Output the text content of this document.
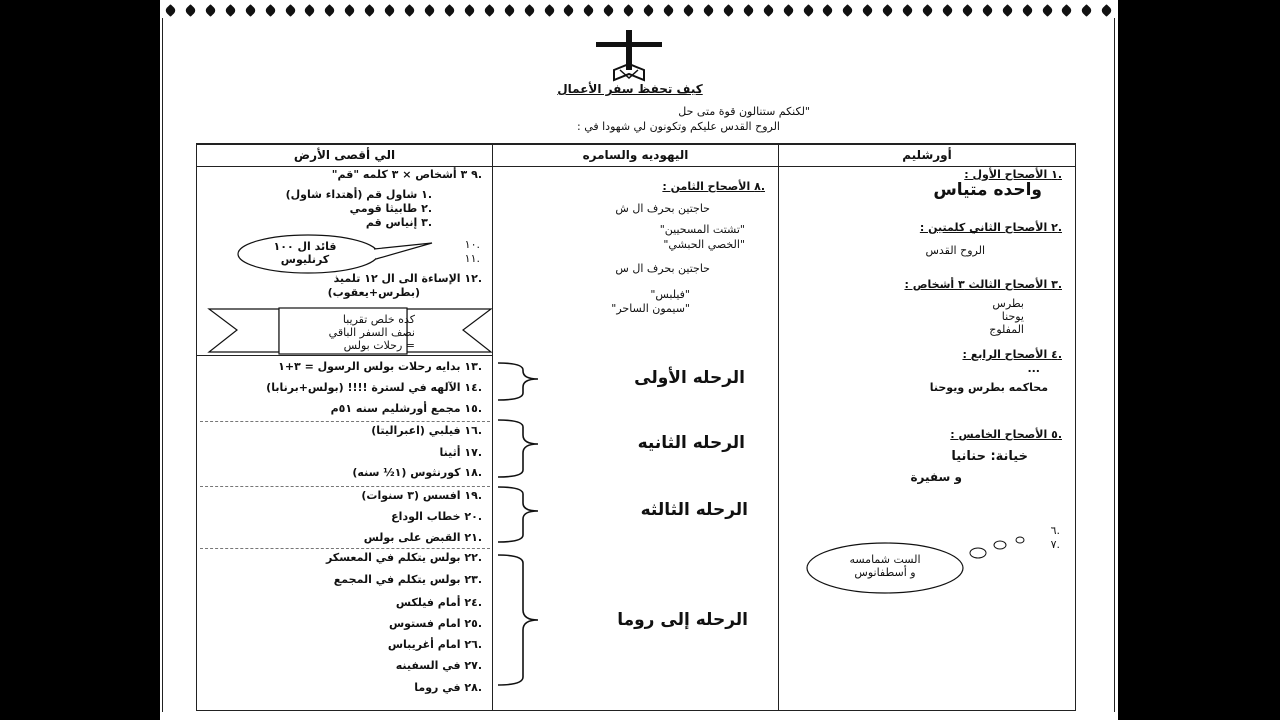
كيف تحفظ سفر الأعمال
"لكنكم ستنالون قوة متى حل
الروح القدس عليكم وتكونون لي شهودا في :
أورشليم
اليهوديه والسامره
الي أقصى الأرض
.١ الأصحاح الأول :
واحده متياس
.٢ الأصحاح الثاني كلمتين :
الروح القدس
.٣ الأصحاح الثالث ٣ أشخاص :
بطرس
يوحنا
المفلوج
.٤ الأصحاح الرابع :
...
محاكمه بطرس ويوحنا
.٥ الأصحاح الخامس :
خيانة: حنانيا
و سفيرة
.٦
.٧
الست شمامسه
و أسطفانوس
.٨ الأصحاح الثامن :
حاجتين بحرف ال ش
"تشتت المسحيين"
"الخصي الحبشي"
حاجتين بحرف ال س
"فيلبس"
"سيمون الساحر"
الرحله الأولى
الرحله الثانيه
الرحله الثالثه
الرحله إلى روما
.٩ ٣ أشخاص × ٣ كلمه "قم"
.١ شاول قم (أهتداء شاول)
.٢ طابيثا قومي
.٣ إنياس قم
قائد ال ١٠٠
كرنليوس
.١٠
.١١
.١٢ الإساءة الى ال ١٢ تلميذ
(بطرس+يعقوب)
كده خلص تقريبا
نصف السفر الباقي
= رحلات بولس
.١٣ بدايه رحلات بولس الرسول = ٣+١
.١٤ الآلهه في لسترة !!!! (بولس+برنابا)
.١٥ مجمع أورشليم سنه ٥١م
.١٦ فيلبي (اعبراليتا)
.١٧ أثينا
.١٨ كورنثوس (١½ سنه)
.١٩ افسس (٣ سنوات)
.٢٠ خطاب الوداع
.٢١ القبض على بولس
.٢٢ بولس يتكلم في المعسكر
.٢٣ بولس يتكلم في المجمع
.٢٤ أمام فيلكس
.٢٥ امام فستوس
.٢٦ امام أغريباس
.٢٧ في السفينه
.٢٨ في روما
